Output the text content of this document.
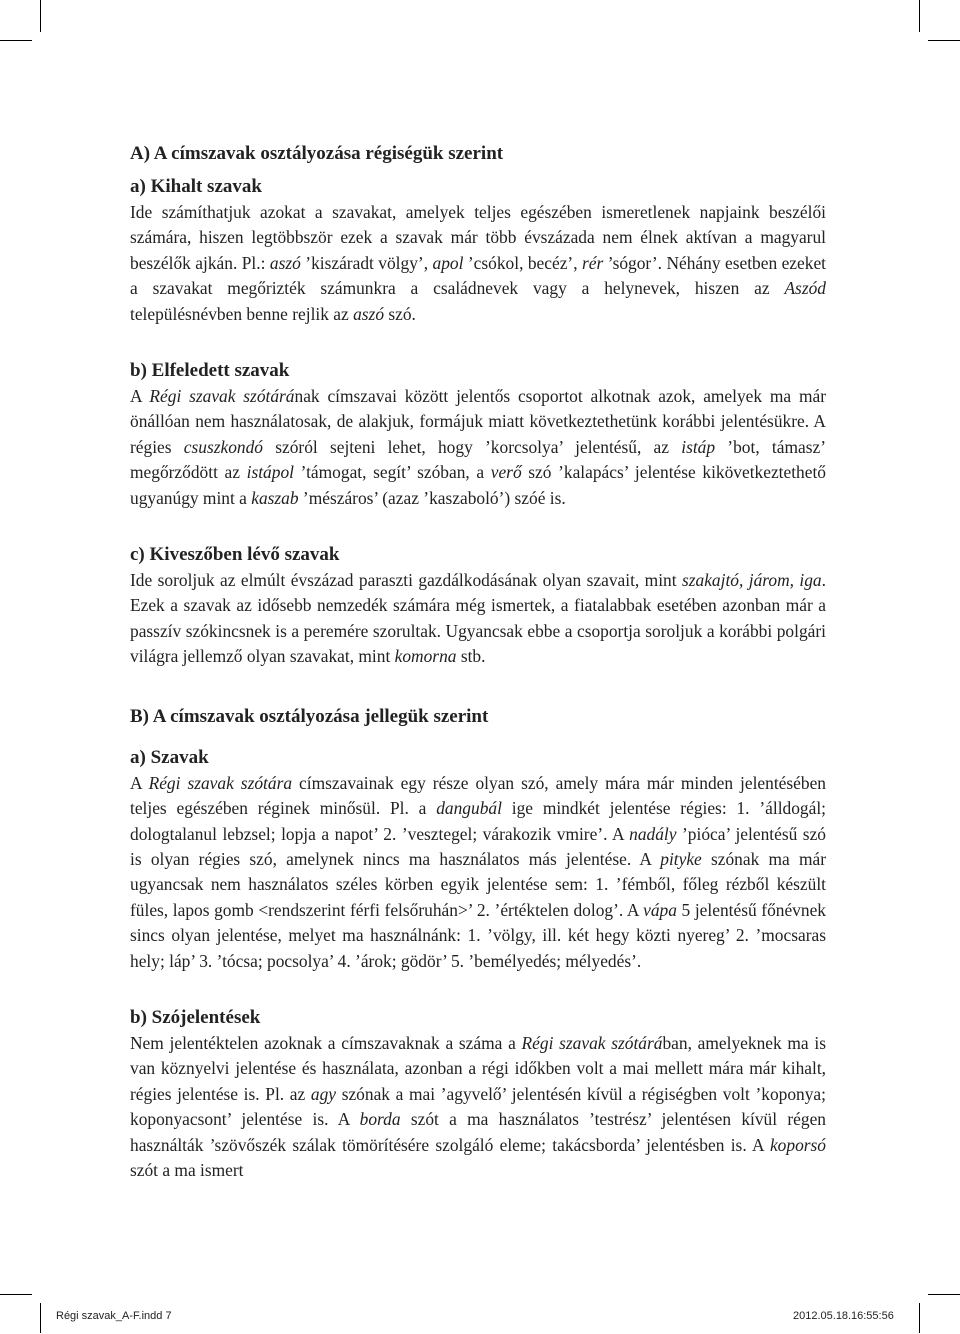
A) A címszavak osztályozása régiségük szerint
a) Kihalt szavak

Ide számíthatjuk azokat a szavakat, amelyek teljes egészében ismeretlenek napjaink beszélői számára, hiszen legtöbbször ezek a szavak már több évszázada nem élnek aktívan a magyarul beszélők ajkán. Pl.: aszó ’kiszáradt völgy’, apol ’csókol, becéz’, rér ’sógor’. Néhány esetben ezeket a szavakat megőrizték számunkra a családnevek vagy a helynevek, hiszen az Aszód településnévben benne rejlik az aszó szó.

b) Elfeledett szavak

A Régi szavak szótárának címszavai között jelentős csoportot alkotnak azok, amelyek ma már önállóan nem használatosak, de alakjuk, formájuk miatt következtethetünk korábbi jelentésükre. A régies csuszkondó szóról sejteni lehet, hogy ’korcsolya’ jelentésű, az istáp ’bot, támasz’ megőrződött az istápol ’támogat, segít’ szóban, a verő szó ’kalapács’ jelentése kikövetkeztethető ugyanúgy mint a kaszab ’mészáros’ (azaz ’kaszaboló’) szóé is.

c) Kiveszőben lévő szavak

Ide soroljuk az elmúlt évszázad paraszti gazdálkodásának olyan szavait, mint szakajtó, járom, iga. Ezek a szavak az idősebb nemzedék számára még ismertek, a fiatalabbak esetében azonban már a passzív szókincsnek is a peremére szorultak. Ugyancsak ebbe a csoportja soroljuk a korábbi polgári világra jellemző olyan szavakat, mint komorna stb.

B) A címszavak osztályozása jellegük szerint
a) Szavak

A Régi szavak szótára címszavainak egy része olyan szó, amely mára már minden jelentésében teljes egészében réginek minősül. Pl. a dangubál ige mindkét jelentése régies: 1. ’álldogál; dologtalanul lebzsel; lopja a napot’ 2. ’vesztegel; várakozik vmire’. A nadály ’pióca’ jelentésű szó is olyan régies szó, amelynek nincs ma használatos más jelentése. A pityke szónak ma már ugyancsak nem használatos széles körben egyik jelentése sem: 1. ’fémből, főleg rézből készült füles, lapos gomb <rendszerint férfi felsőruhán>’ 2. ’értéktelen dolog’. A vápa 5 jelentésű főnévnek sincs olyan jelentése, melyet ma használnánk: 1. ’völgy, ill. két hegy közti nyereg’ 2. ’mocsaras hely; láp’ 3. ’tócsa; pocsolya’ 4. ’árok; gödör’ 5. ’bemélyedés; mélyedés’.

b) Szójelentések

Nem jelentéktelen azoknak a címszavaknak a száma a Régi szavak szótárában, amelyeknek ma is van köznyelvi jelentése és használata, azonban a régi időkben volt a mai mellett mára már kihalt, régies jelentése is. Pl. az agy szónak a mai ’agyvelő’ jelentésén kívül a régiségben volt ’koponya; koponyacsont’ jelentése is. A borda szót a ma használatos ’testrész’ jelentésen kívül régen használták ’szövőszék szálak tömörítésére szolgáló eleme; takácsborda’ jelentésben is. A koporsó szót a ma ismert

Régi szavak_A-F.indd 7	2012.05.18. 16:55:56
